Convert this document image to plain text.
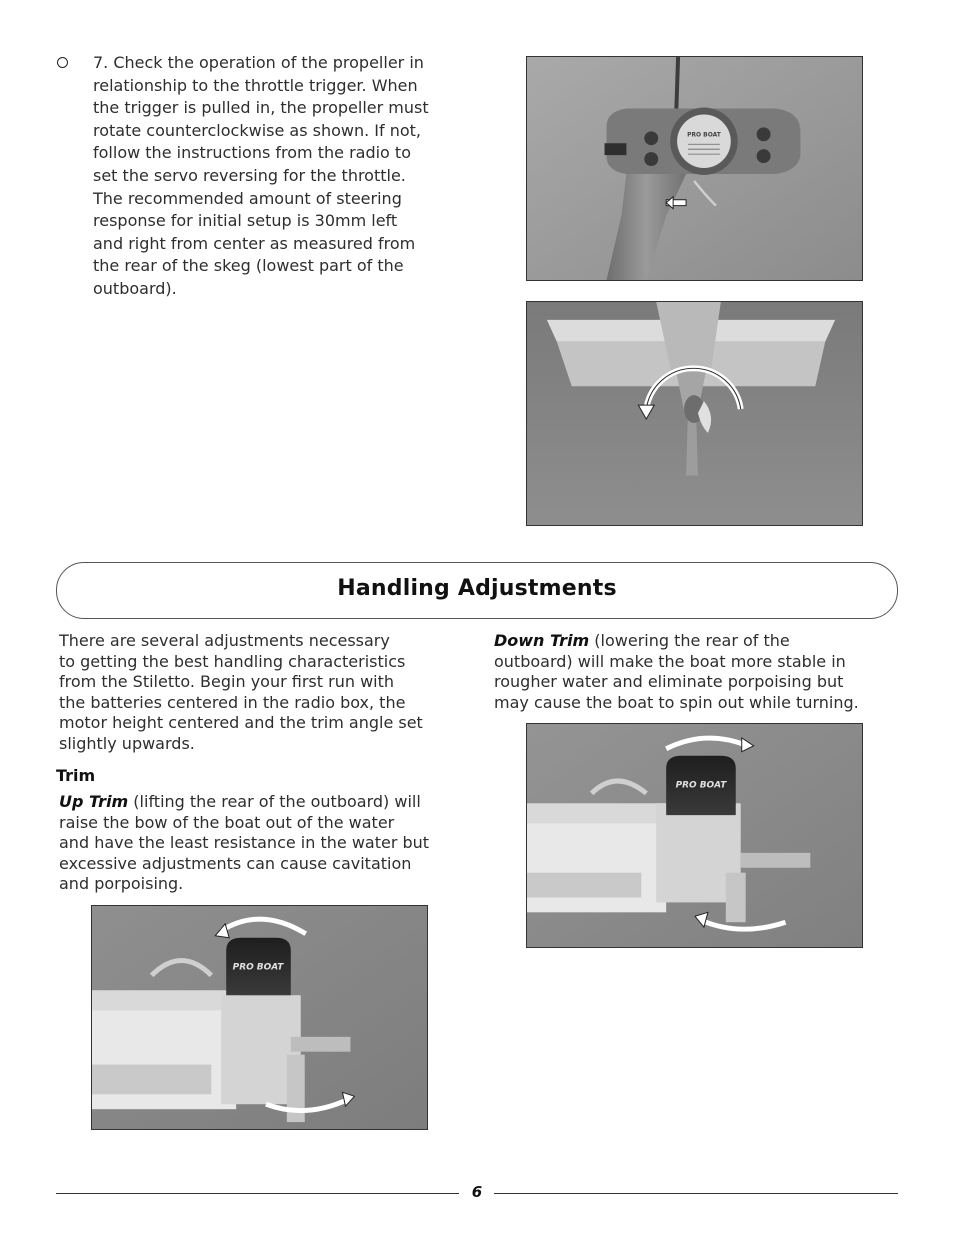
7. Check the operation of the propeller in
relationship to the throttle trigger. When
the trigger is pulled in, the propeller must
rotate counterclockwise as shown. If not,
follow the instructions from the radio to
set the servo reversing for the throttle.
The recommended amount of steering
response for initial setup is 30mm left
and right from center as measured from
the rear of the skeg (lowest part of the
outboard).
PRO BOAT
Handling Adjustments
There are several adjustments necessary
to getting the best handling characteristics
from the Stiletto. Begin your first run with
the batteries centered in the radio box, the
motor height centered and the trim angle set
slightly upwards.
Trim
Up Trim (lifting the rear of the outboard) will
raise the bow of the boat out of the water
and have the least resistance in the water but
excessive adjustments can cause cavitation
and porpoising.
PRO BOAT
Down Trim (lowering the rear of the
outboard) will make the boat more stable in
rougher water and eliminate porpoising but
may cause the boat to spin out while turning.
PRO BOAT
6
